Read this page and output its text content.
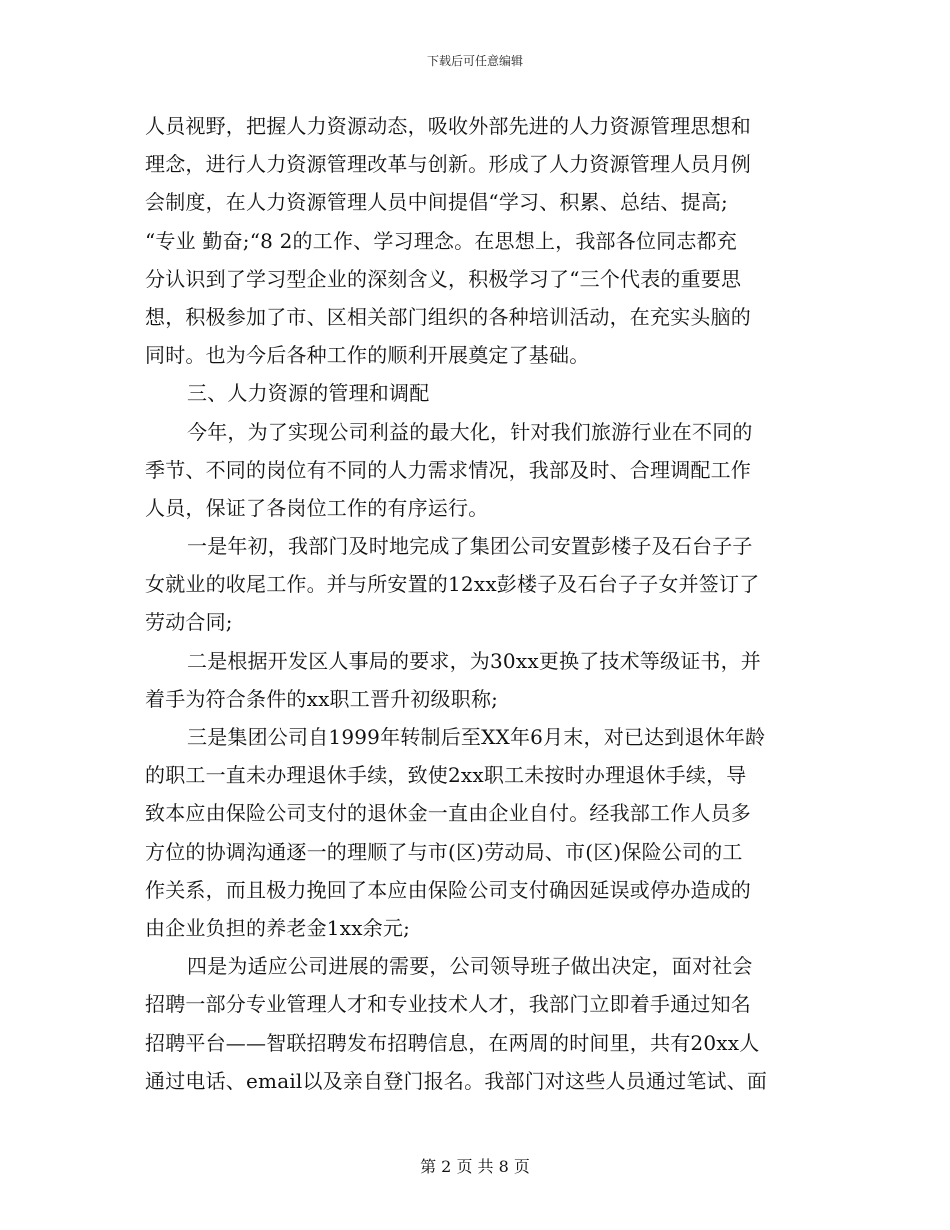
下载后可任意编辑
人员视野，把握人力资源动态，吸收外部先进的人力资源管理思想和
理念，进行人力资源管理改革与创新。形成了人力资源管理人员月例
会制度，在人力资源管理人员中间提倡“学习、积累、总结、提高;
“专业 勤奋;“8 2的工作、学习理念。在思想上，我部各位同志都充
分认识到了学习型企业的深刻含义，积极学习了“三个代表的重要思
想，积极参加了市、区相关部门组织的各种培训活动，在充实头脑的
同时。也为今后各种工作的顺利开展奠定了基础。
三、人力资源的管理和调配
今年，为了实现公司利益的最大化，针对我们旅游行业在不同的
季节、不同的岗位有不同的人力需求情况，我部及时、合理调配工作
人员，保证了各岗位工作的有序运行。
一是年初，我部门及时地完成了集团公司安置彭楼子及石台子子
女就业的收尾工作。并与所安置的12xx彭楼子及石台子子女并签订了
劳动合同;
二是根据开发区人事局的要求，为30xx更换了技术等级证书，并
着手为符合条件的xx职工晋升初级职称;
三是集团公司自1999年转制后至XX年6月末，对已达到退休年龄
的职工一直未办理退休手续，致使2xx职工未按时办理退休手续，导
致本应由保险公司支付的退休金一直由企业自付。经我部工作人员多
方位的协调沟通逐一的理顺了与市(区)劳动局、市(区)保险公司的工
作关系，而且极力挽回了本应由保险公司支付确因延误或停办造成的
由企业负担的养老金1xx余元;
四是为适应公司进展的需要，公司领导班子做出决定，面对社会
招聘一部分专业管理人才和专业技术人才，我部门立即着手通过知名
招聘平台——智联招聘发布招聘信息，在两周的时间里，共有20xx人
通过电话、email以及亲自登门报名。我部门对这些人员通过笔试、面
第 2 页 共 8 页
